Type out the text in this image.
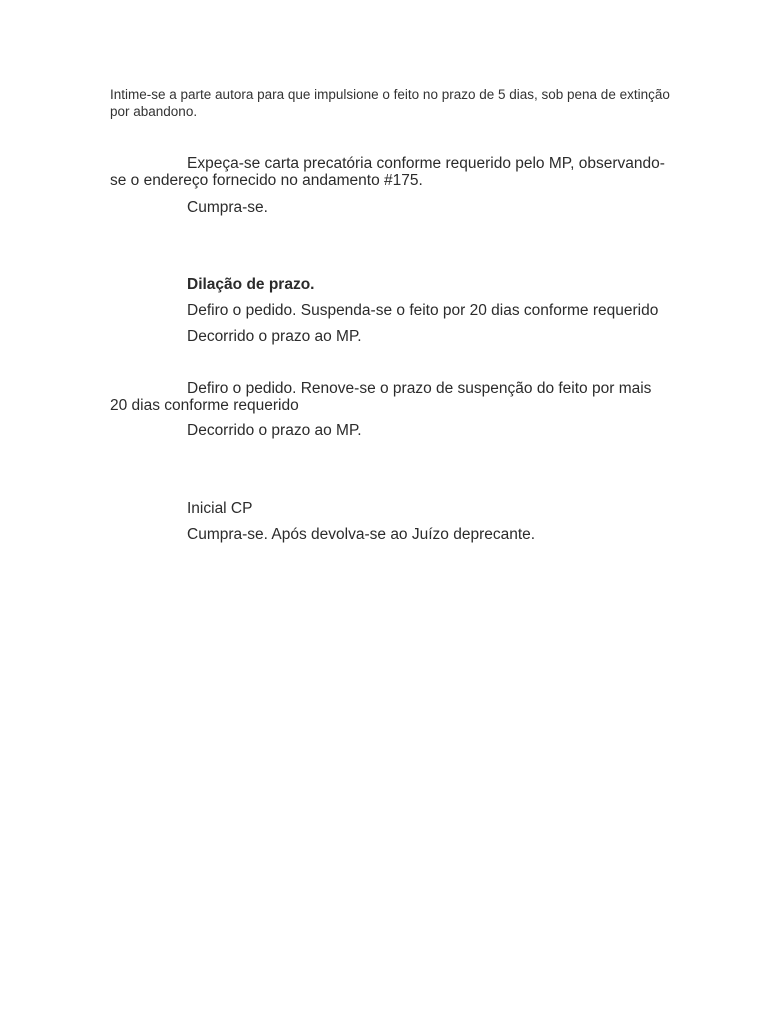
Intime-se a parte autora para que impulsione o feito no prazo de 5 dias, sob pena de extinção por abandono.

Expeça-se carta precatória conforme requerido pelo MP, observando-se o endereço fornecido no andamento #175.

Cumpra-se.

Dilação de prazo.

Defiro o pedido. Suspenda-se o feito por 20 dias conforme requerido

Decorrido o prazo ao MP.

Defiro o pedido. Renove-se o prazo de suspenção do feito por mais 20 dias conforme requerido

Decorrido o prazo ao MP.

Inicial CP

Cumpra-se. Após devolva-se ao Juízo deprecante.
